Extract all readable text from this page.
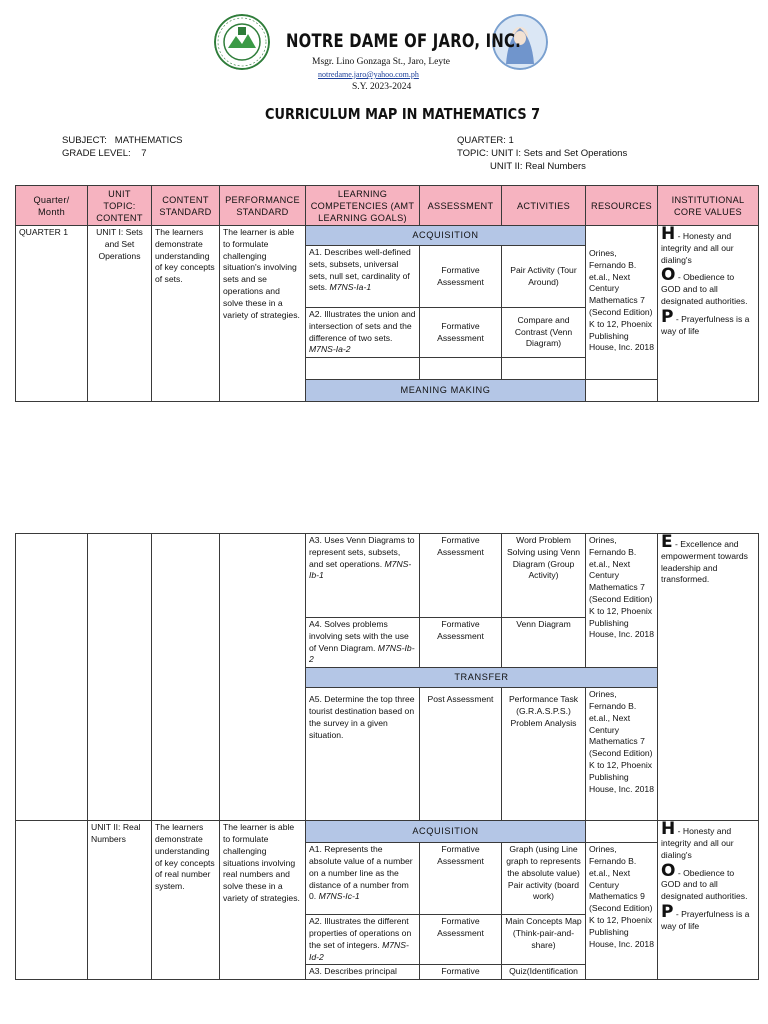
NOTRE DAME OF JARO, INC.
Msgr. Lino Gonzaga St., Jaro, Leyte
notredame.jaro@yahoo.com.ph
S.Y. 2023-2024
CURRICULUM MAP IN MATHEMATICS 7
SUBJECT:   MATHEMATICS
GRADE LEVEL:    7
QUARTER: 1
TOPIC: UNIT I: Sets and Set Operations
UNIT II: Real Numbers
Quarter/ Month	UNIT TOPIC: CONTENT	CONTENT STANDARD	PERFORMANCE STANDARD	LEARNING COMPETENCIES (AMT LEARNING GOALS)	ASSESSMENT	ACTIVITIES	RESOURCES	INSTITUTIONAL CORE VALUES
QUARTER 1	UNIT I: Sets and Set Operations	The learners demonstrate understanding of key concepts of sets.	The learner is able to formulate challenging situation's involving sets and se operations and solve these in a variety of strategies.	ACQUISITION			Orines, Fernando B. et.al., Next Century Mathematics 7 (Second Edition) K to 12, Phoenix Publishing House, Inc. 2018	H - Honesty and integrity and all our dialing's

O - Obedience to GOD and to all designated authorities.

P - Prayerfulness is a way of life

				A1. Describes well-defined sets, subsets, universal sets, null set, cardinality of sets. M7NS-Ia-1	Formative Assessment	Pair Activity (Tour Around)		
				A2. Illustrates the union and intersection of sets and the difference of two sets. M7NS-Ia-2	Formative Assessment	Compare and Contrast (Venn Diagram)		

				MEANING MAKING				
				A3. Uses Venn Diagrams to represent sets, subsets, and set operations. M7NS-Ib-1	Formative Assessment	Word Problem Solving using Venn Diagram (Group Activity)	Orines, Fernando B. et.al., Next Century Mathematics 7 (Second Edition) K to 12, Phoenix Publishing House, Inc. 2018	E - Excellence and empowerment towards leadership and transformed.

				A4. Solves problems involving sets with the use of Venn Diagram. M7NS-Ib-2	Formative Assessment	Venn Diagram		
				TRANSFER				
				A5. Determine the top three tourist destination based on the survey in a given situation.	Post Assessment	Performance Task (G.R.A.S.P.S.) Problem Analysis	Orines, Fernando B. et.al., Next Century Mathematics 7 (Second Edition) K to 12, Phoenix Publishing House, Inc. 2018	
	UNIT II: Real Numbers	The learners demonstrate understanding of key concepts of real number system.	The learner is able to formulate challenging situations involving real numbers and solve these in a variety of strategies.	ACQUISITION				H - Honesty and integrity and all our dialing's

O - Obedience to GOD and to all designated authorities.

P - Prayerfulness is a way of life

				A1. Represents the absolute value of a number on a number line as the distance of a number from 0. M7NS-Ic-1	Formative Assessment	Graph (using Line graph to represents the absolute value) Pair activity (board work)	Orines, Fernando B. et.al., Next Century Mathematics 9 (Second Edition) K to 12, Phoenix Publishing House, Inc. 2018	
				A2. Illustrates the different properties of operations on the set of integers. M7NS-Id-2	Formative Assessment	Main Concepts Map (Think-pair-and-share)		
				A3. Describes principal	Formative	Quiz(Identification		
